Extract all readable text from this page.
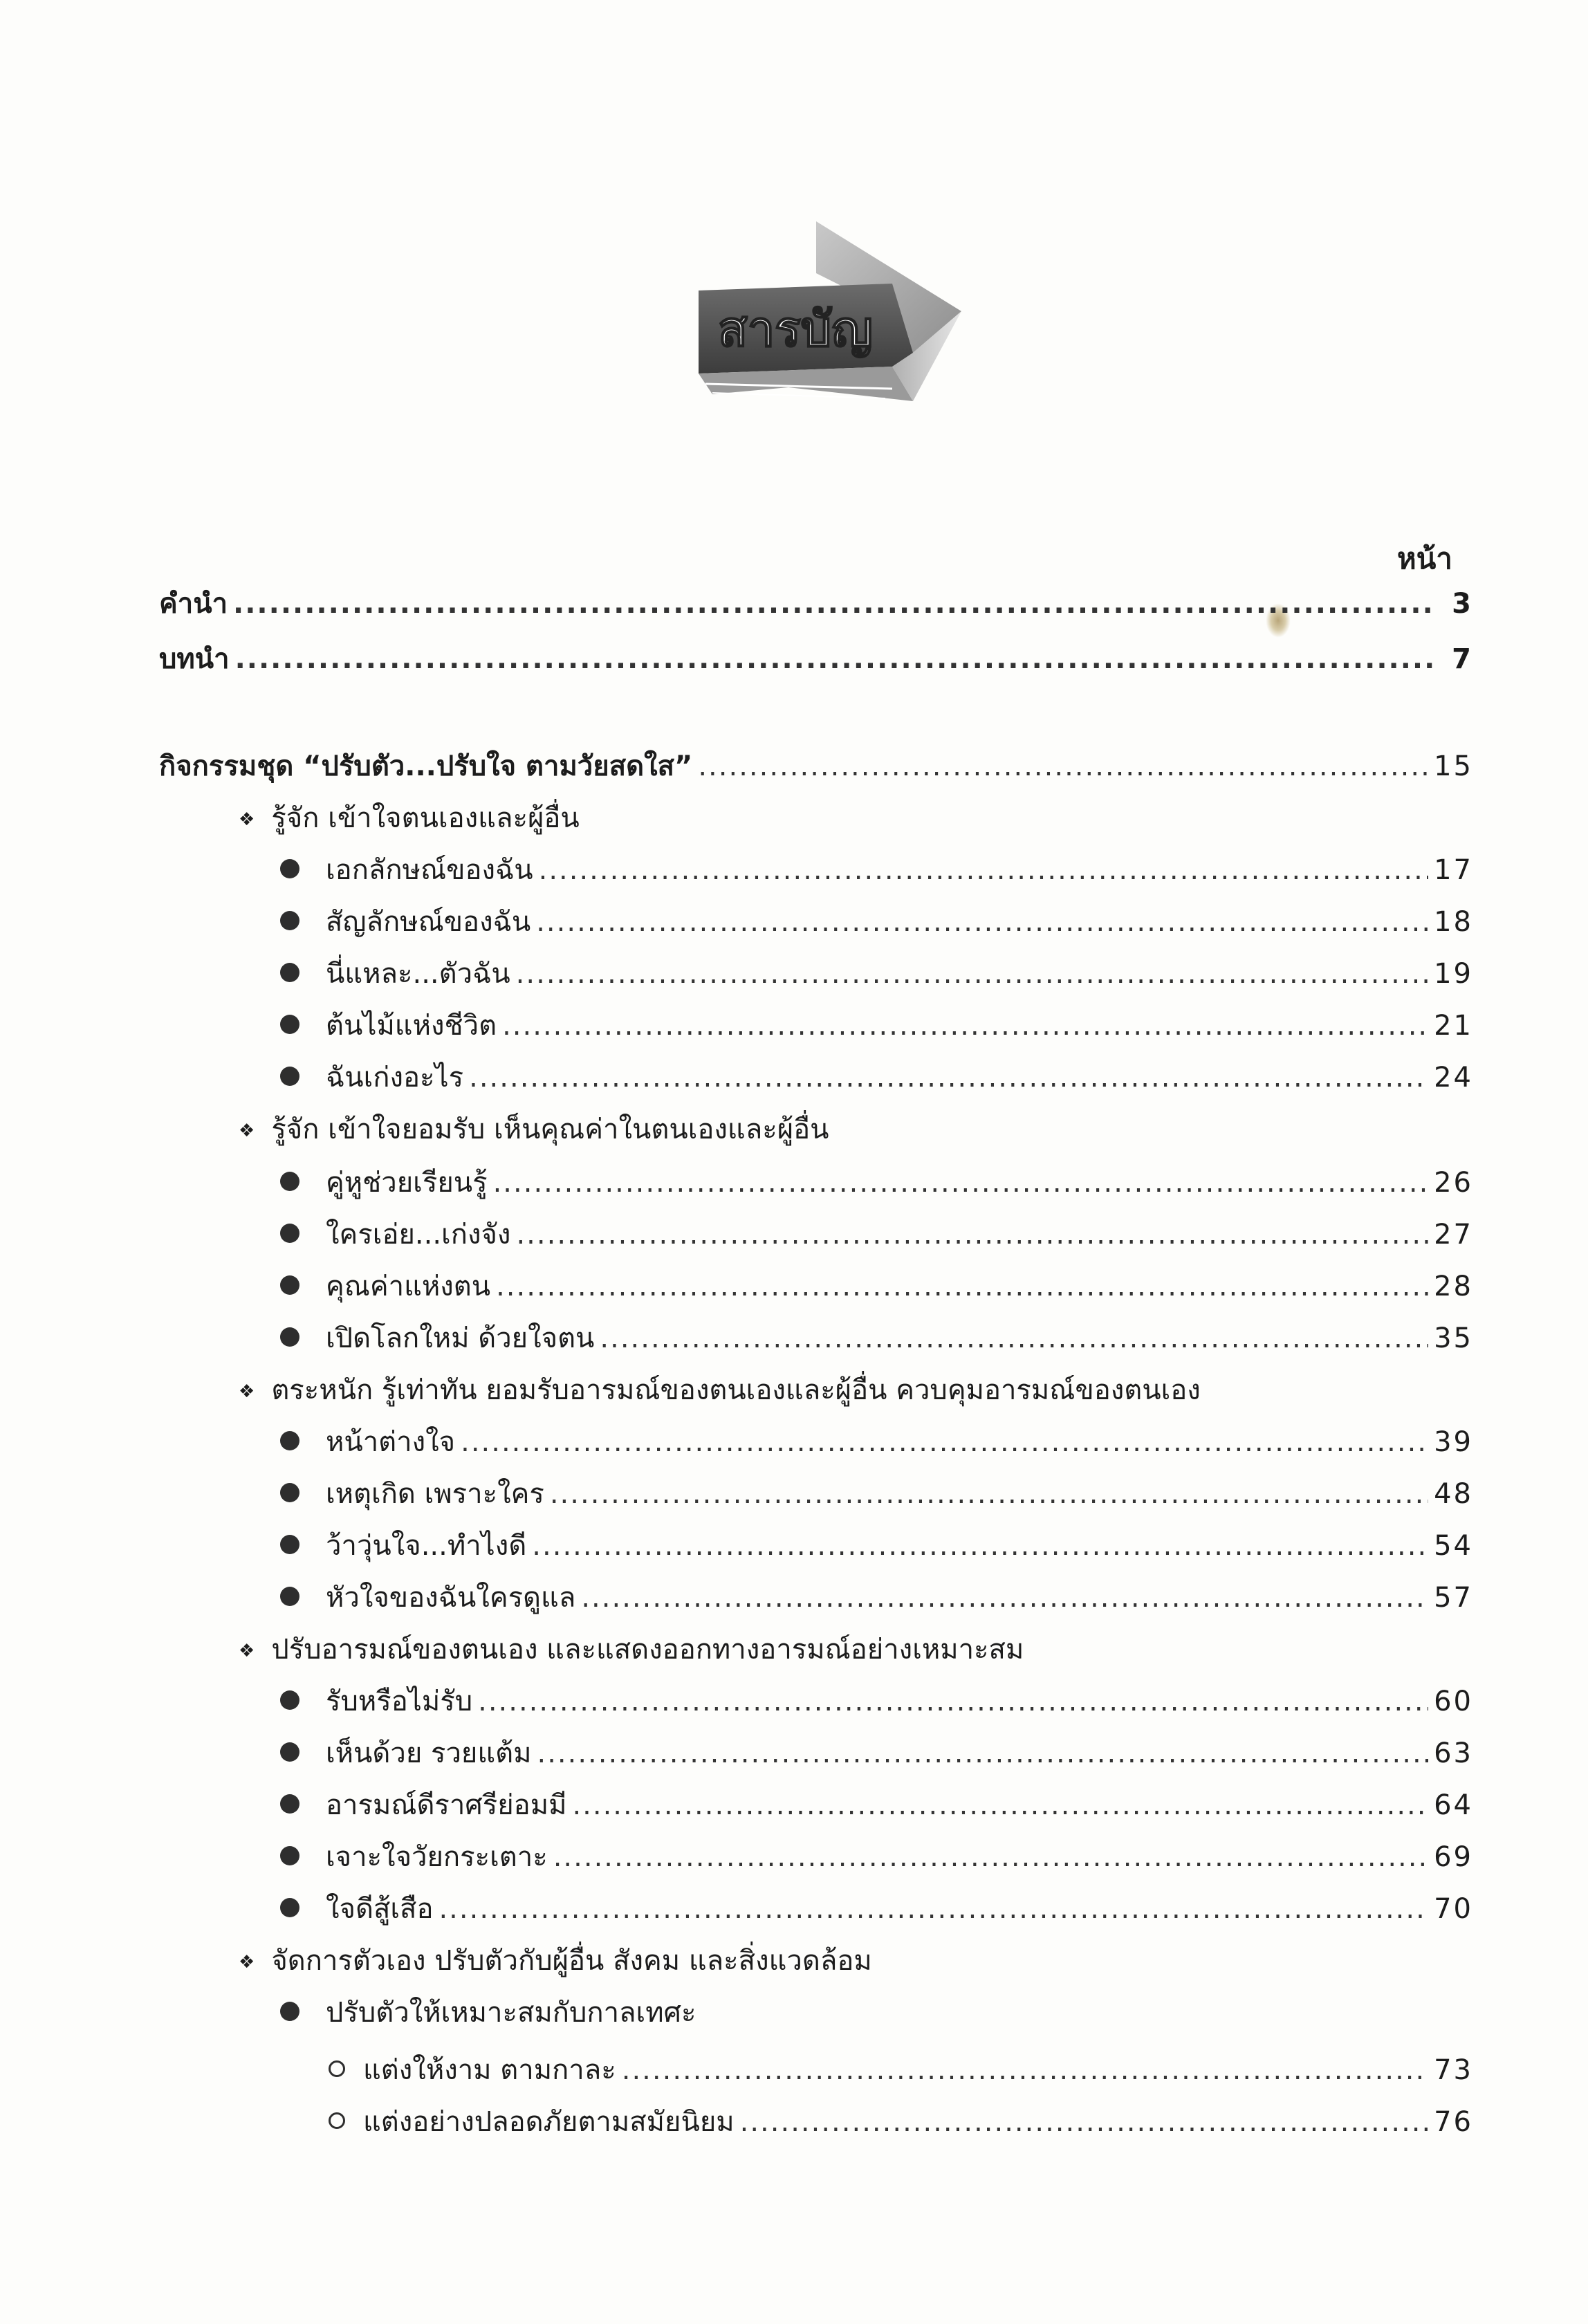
สารบัญ
หน้า
คำนำ .....	3
บทนำ .....	7
กิจกรรมชุด “ปรับตัว...ปรับใจ ตามวัยสดใส” .....	15
❖ รู้จัก เข้าใจตนเองและผู้อื่น
เอกลักษณ์ของฉัน .....	17
สัญลักษณ์ของฉัน .....	18
นี่แหละ...ตัวฉัน .....	19
ต้นไม้แห่งชีวิต .....	21
ฉันเก่งอะไร .....	24
❖ รู้จัก เข้าใจยอมรับ เห็นคุณค่าในตนเองและผู้อื่น
คู่หูช่วยเรียนรู้ .....	26
ใครเอ่ย...เก่งจัง .....	27
คุณค่าแห่งตน .....	28
เปิดโลกใหม่ ด้วยใจตน .....	35
❖ ตระหนัก รู้เท่าทัน ยอมรับอารมณ์ของตนเองและผู้อื่น ควบคุมอารมณ์ของตนเอง
หน้าต่างใจ .....	39
เหตุเกิด เพราะใคร .....	48
ว้าวุ่นใจ...ทำไงดี .....	54
หัวใจของฉันใครดูแล .....	57
❖ ปรับอารมณ์ของตนเอง และแสดงออกทางอารมณ์อย่างเหมาะสม
รับหรือไม่รับ .....	60
เห็นด้วย รวยแต้ม .....	63
อารมณ์ดีราศรีย่อมมี .....	64
เจาะใจวัยกระเตาะ .....	69
ใจดีสู้เสือ .....	70
❖ จัดการตัวเอง ปรับตัวกับผู้อื่น สังคม และสิ่งแวดล้อม
ปรับตัวให้เหมาะสมกับกาลเทศะ
แต่งให้งาม ตามกาละ .....	73
แต่งอย่างปลอดภัยตามสมัยนิยม .....	76
